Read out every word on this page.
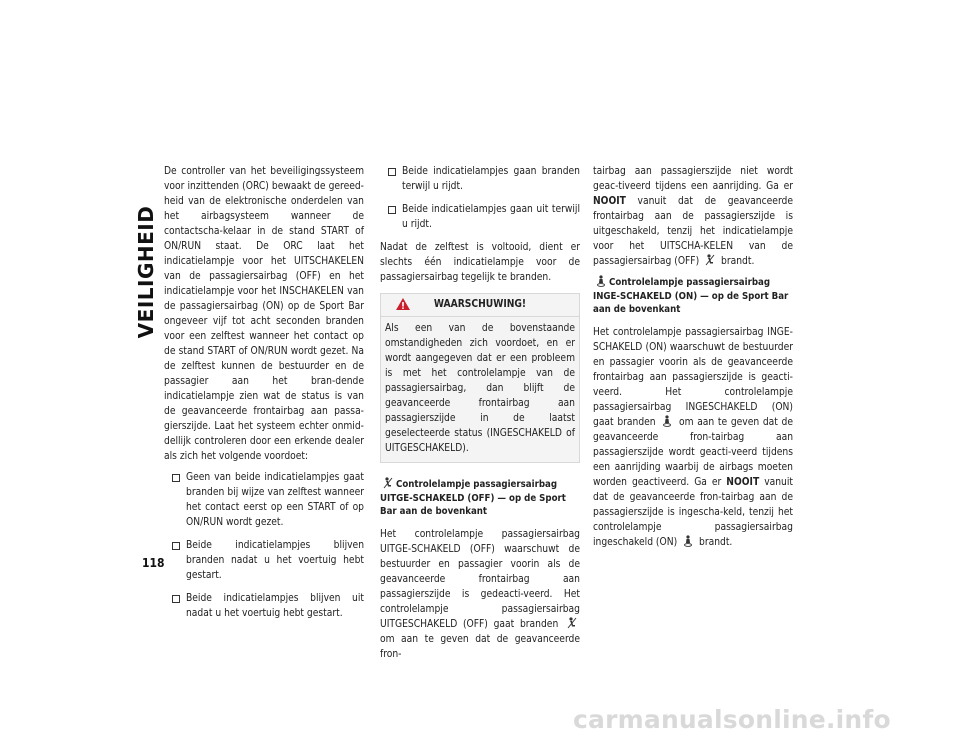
VEILIGHEID
118

De controller van het beveiligingssysteem voor inzittenden (ORC) bewaakt de gereed-heid van de elektronische onderdelen van het airbagsysteem wanneer de contactscha-kelaar in de stand START of ON/RUN staat. De ORC laat het indicatielampje voor het UITSCHAKELEN van de passagiersairbag (OFF) en het indicatielampje voor het INSCHAKELEN van de passagiersairbag (ON) op de Sport Bar ongeveer vijf tot acht seconden branden voor een zelftest wanneer het contact op de stand START of ON/RUN wordt gezet. Na de zelftest kunnen de bestuurder en de passagier aan het bran-dende indicatielampje zien wat de status is van de geavanceerde frontairbag aan passa-gierszijde. Laat het systeem echter onmid-dellijk controleren door een erkende dealer als zich het volgende voordoet:

Geen van beide indicatielampjes gaat branden bij wijze van zelftest wanneer het contact eerst op een START of op ON/RUN wordt gezet.
Beide indicatielampjes blijven branden nadat u het voertuig hebt gestart.
Beide indicatielampjes blijven uit nadat u het voertuig hebt gestart.
Beide indicatielampjes gaan branden terwijl u rijdt.
Beide indicatielampjes gaan uit terwijl u rijdt.

Nadat de zelftest is voltooid, dient er slechts één indicatielampje voor de passagiersairbag tegelijk te branden.

WAARSCHUWING!
Als een van de bovenstaande omstandigheden zich voordoet, en er wordt aangegeven dat er een probleem is met het controlelampje van de passagiersairbag, dan blijft de geavanceerde frontairbag aan passagierszijde in de laatst geselecteerde status (INGESCHAKELD of UITGESCHAKELD).
Controlelampje passagiersairbag UITGE-SCHAKELD (OFF) — op de Sport Bar aan de bovenkant

Het controlelampje passagiersairbag UITGE-SCHAKELD (OFF) waarschuwt de bestuurder en passagier voorin als de geavanceerde frontairbag aan passagierszijde is gedeacti-veerd. Het controlelampje passagiersairbag UITGESCHAKELD (OFF) gaat branden  om aan te geven dat de geavanceerde fron-

tairbag aan passagierszijde niet wordt geac-tiveerd tijdens een aanrijding. Ga er NOOIT vanuit dat de geavanceerde frontairbag aan de passagierszijde is uitgeschakeld, tenzij het indicatielampje voor het UITSCHA-KELEN van de passagiersairbag (OFF) brandt.

Controlelampje passagiersairbag INGE-SCHAKELD (ON) — op de Sport Bar aan de bovenkant

Het controlelampje passagiersairbag INGE-SCHAKELD (ON) waarschuwt de bestuurder en passagier voorin als de geavanceerde frontairbag aan passagierszijde is geacti-veerd. Het controlelampje passagiersairbag INGESCHAKELD (ON) gaat branden om aan te geven dat de geavanceerde fron-tairbag aan passagierszijde wordt geacti-veerd tijdens een aanrijding waarbij de airbags moeten worden geactiveerd. Ga er NOOIT vanuit dat de geavanceerde fron-tairbag aan de passagierszijde is ingescha-keld, tenzij het controlelampje passagiersairbag ingeschakeld (ON) brandt.

carmanualsonline.info
